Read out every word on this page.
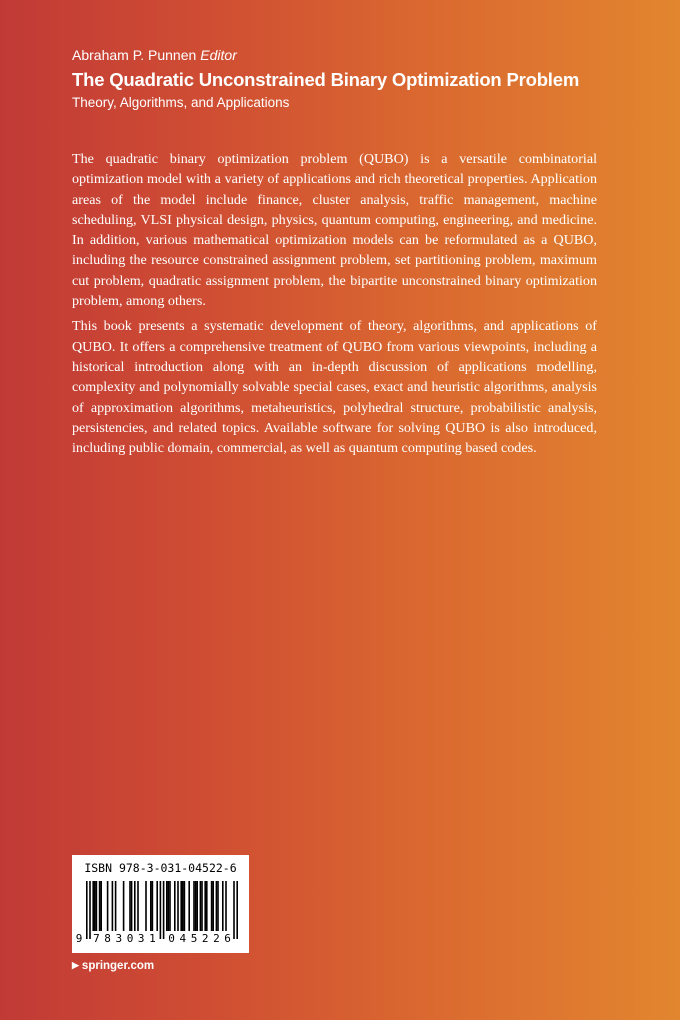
Abraham P. Punnen Editor
The Quadratic Unconstrained Binary Optimization Problem
Theory, Algorithms, and Applications

The quadratic binary optimization problem (QUBO) is a versatile combinatorial optimization model with a variety of applications and rich theoretical properties. Application areas of the model include finance, cluster analysis, traffic management, machine scheduling, VLSI physical design, physics, quantum computing, engineering, and medicine. In addition, various mathematical optimization models can be reformulated as a QUBO, including the resource constrained assignment problem, set partitioning problem, maximum cut problem, quadratic assignment problem, the bipartite unconstrained binary optimization problem, among others.

This book presents a systematic development of theory, algorithms, and applications of QUBO. It offers a comprehensive treatment of QUBO from various viewpoints, including a historical introduction along with an in-depth discussion of applications modelling, complexity and polynomially solvable special cases, exact and heuristic algorithms, analysis of approximation algorithms, metaheuristics, polyhedral structure, probabilistic analysis, persistencies, and related topics. Available software for solving QUBO is also introduced, including public domain, commercial, as well as quantum computing based codes.

ISBN 978-3-031-04522-6
9 7 8 3 0 3 1 0 4 5 2 2 6
▶ springer.com
